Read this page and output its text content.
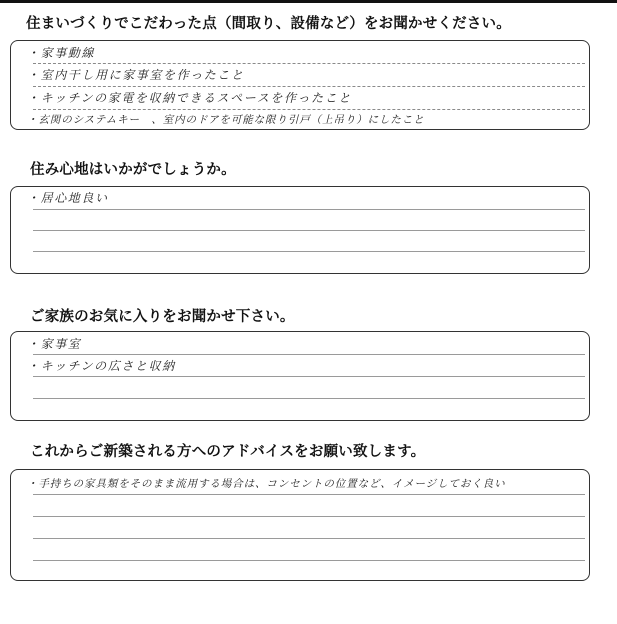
住まいづくりでこだわった点（間取り、設備など）をお聞かせください。
・家事動線
・室内干し用に家事室を作ったこと
・キッチンの家電を収納できるスペースを作ったこと
・玄関のシステムキー　、室内のドアを可能な限り引戸（上吊り）にしたこと
住み心地はいかがでしょうか。
・居心地良い
ご家族のお気に入りをお聞かせ下さい。
・家事室
・キッチンの広さと収納
これからご新築される方へのアドバイスをお願い致します。
・手持ちの家具類をそのまま流用する場合は、コンセントの位置など、イメージしておく良い
